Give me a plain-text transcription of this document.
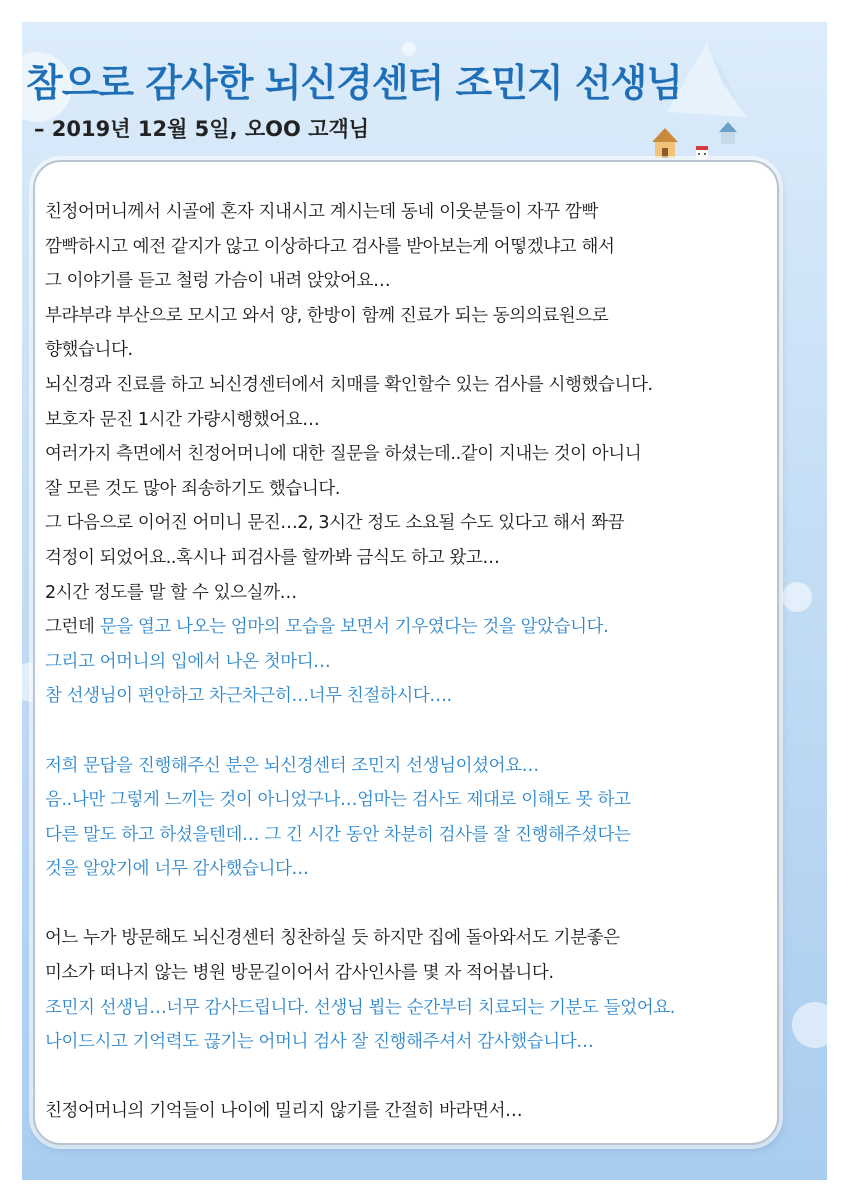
참으로 감사한 뇌신경센터 조민지 선생님
– 2019년 12월 5일, 오OO 고객님
친정어머니께서 시골에 혼자 지내시고 계시는데 동네 이웃분들이 자꾸 깜빡
깜빡하시고 예전 같지가 않고 이상하다고 검사를 받아보는게 어떻겠냐고 해서
그 이야기를 듣고 철렁 가슴이 내려 앉았어요…
부랴부랴 부산으로 모시고 와서 양, 한방이 함께 진료가 되는 동의의료원으로
향했습니다.
뇌신경과 진료를 하고 뇌신경센터에서 치매를 확인할수 있는 검사를 시행했습니다.
보호자 문진 1시간 가량시행했어요…
여러가지 측면에서 친정어머니에 대한 질문을 하셨는데..같이 지내는 것이 아니니
잘 모른 것도 많아 죄송하기도 했습니다.
그 다음으로 이어진 어미니 문진…2, 3시간 정도 소요될 수도 있다고 해서 쫘끔
걱정이 되었어요..혹시나 피검사를 할까봐 금식도 하고 왔고…
2시간 정도를 말 할 수 있으실까…
그런데 문을 열고 나오는 엄마의 모습을 보면서 기우였다는 것을 알았습니다.
그리고 어머니의 입에서 나온 첫마디…
참 선생님이 편안하고 차근차근히…너무 친절하시다….
저희 문답을 진행해주신 분은 뇌신경센터 조민지 선생님이셨어요…
음..나만 그렇게 느끼는 것이 아니었구나…엄마는 검사도 제대로 이해도 못 하고
다른 말도 하고 하셨을텐데… 그 긴 시간 동안 차분히 검사를 잘 진행해주셨다는
것을 알았기에 너무 감사했습니다…
어느 누가 방문해도 뇌신경센터 칭찬하실 듯 하지만 집에 돌아와서도 기분좋은
미소가 떠나지 않는 병원 방문길이어서 감사인사를 몇 자 적어봅니다.
조민지 선생님…너무 감사드립니다. 선생님 뵙는 순간부터 치료되는 기분도 들었어요.
나이드시고 기억력도 끊기는 어머니 검사 잘 진행해주셔서 감사했습니다…
친정어머니의 기억들이 나이에 밀리지 않기를 간절히 바라면서…
